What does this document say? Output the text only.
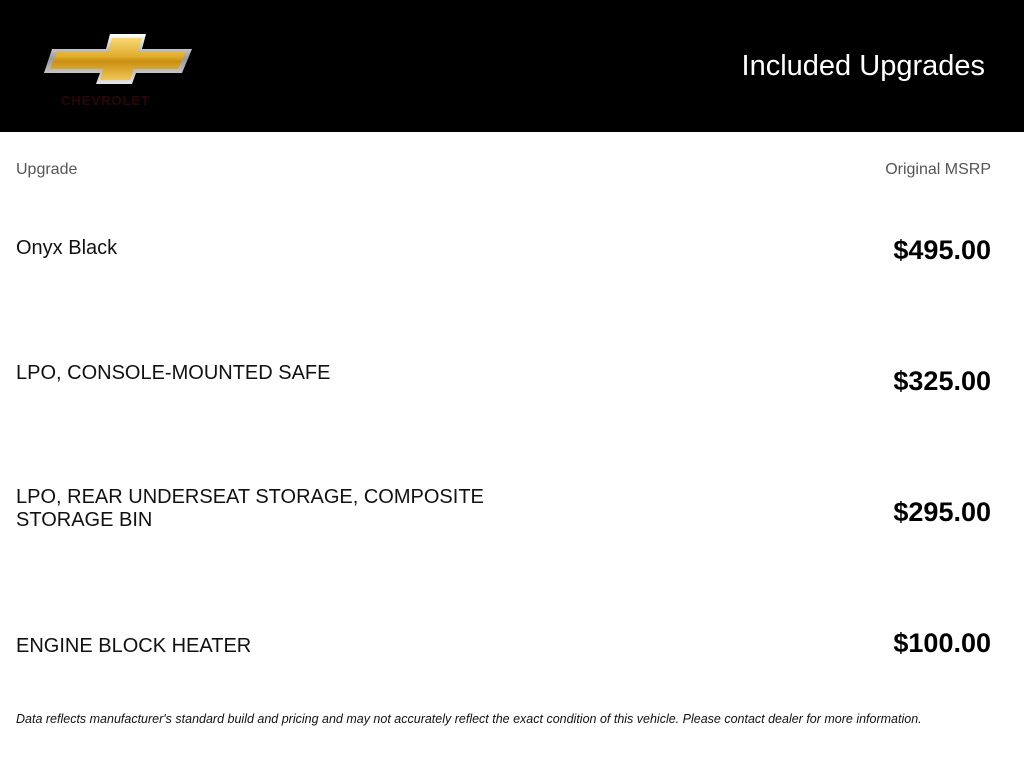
CHEVROLET
Included Upgrades
Upgrade	Original MSRP
Onyx Black	$495.00
LPO, CONSOLE-MOUNTED SAFE	$325.00
LPO, REAR UNDERSEAT STORAGE, COMPOSITE STORAGE BIN	$295.00
ENGINE BLOCK HEATER	$100.00
Data reflects manufacturer's standard build and pricing and may not accurately reflect the exact condition of this vehicle. Please contact dealer for more information.
